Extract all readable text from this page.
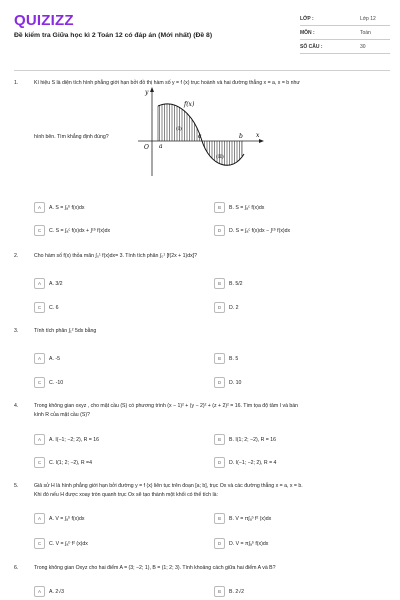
QUIZIZZ
Đề kiểm tra Giữa học kì 2 Toán 12 có đáp án (Mới nhất) (Đề 8)
LỚP :	Lớp 12
MÔN :	Toán
SỐ CÂU :	30
1.	Kí hiệu S là diện tích hình phẳng giới hạn bởi đồ thị hàm số y = f (x) trục hoành và hai đường thẳng x = a, x = b như
hình bên. Tìm khẳng định đúng?
y
x
f(x)
O a
c	b
(I)
(II)
A	A. S = ∫ₐᵇ f(x)dx	B	B. S = ∫ₐᶜ f(x)dx
C	C. S = ∫ₐᶜ f(x)dx + ∫ᶜᵇ f(x)dx	D	D. S = ∫ₐᶜ f(x)dx − ∫ᶜᵇ f(x)dx
2.	Cho hàm số f(x) thỏa mãn ∫₀¹ f(x)dx= 3. Tính tích phân ∫₀¹ [f(2x + 1)dx]?
A	A. 3/2	B	B. 5/2
C	C. 6	D	D. 2
3.	Tính tích phân ∫₁² 5dx bằng
A	A. -5	B	B. 5
C	C. -10	D	D. 10
4.	Trong không gian oxyz , cho mặt cầu (S) có phương trình (x − 1)² + (y − 2)² + (z + 2)² = 16. Tìm tọa độ tâm I và bán
kính R của mặt cầu (S)?
A	A. I(−1; −2; 2), R = 16	B	B. I(1; 2; −2), R = 16
C	C. I(1; 2; −2), R =4	D	D. I(−1; −2; 2), R = 4
5.	Giả sử H là hình phẳng giới hạn bởi đường y = f (x) liên tục trên đoạn [a; b], trục Ox và các đường thẳng x = a, x = b.
Khi đó nếu H được xoay tròn quanh trục Ox sẽ tạo thành một khối có thể tích là:
A	A. V = ∫ₐᵇ f(x)dx	B	B. V = π∫ₐᵇ f² (x)dx
C	C. V = ∫ₐᵇ f² (x)dx	D	D. V = π∫ₐᵇ f(x)dx
6.	Trong không gian Oxyz cho hai điểm A = (3; −2; 1), B = (1; 2; 3). Tính khoảng cách giữa hai điểm A và B?
A	A. 2√3	B	B. 2√2
